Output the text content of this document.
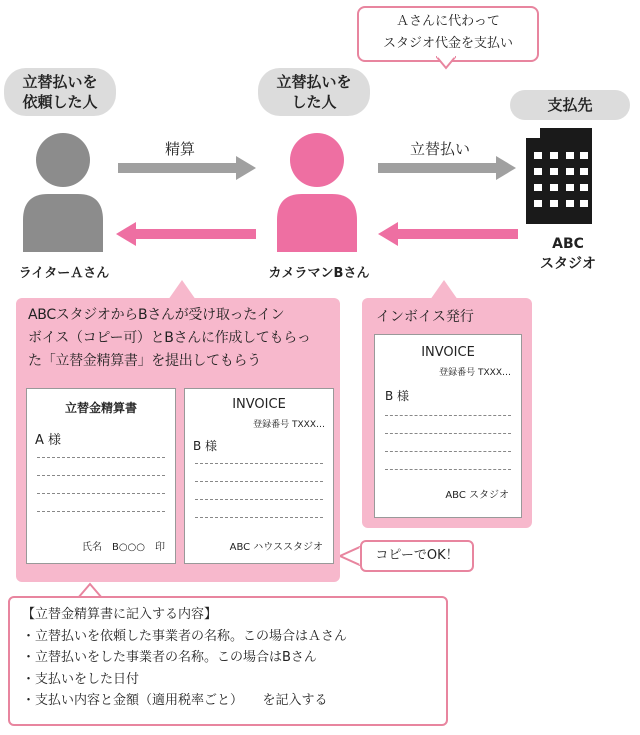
Ａさんに代わって
スタジオ代金を支払い
立替払いを
依頼した人
立替払いを
した人	支払先
ライターＡさん	カメラマンBさん
ABC
スタジオ
精算	立替払い
ABCスタジオからBさんが受け取ったイン
ボイス（コピー可）とBさんに作成してもらっ
た「立替金精算書」を提出してもらう
立替金精算書
A 様
氏名　B○○○　印
INVOICE
登録番号 TXXX…
B 様
ABC ハウススタジオ
インボイス発行
INVOICE
登録番号 TXXX…
B 様
ABC スタジオ
コピーでOK！
【立替金精算書に記入する内容】
・立替払いを依頼した事業者の名称。この場合はＡさん
・立替払いをした事業者の名称。この場合はBさん
・支払いをした日付
・支払い内容と金額（適用税率ごと）　　を記入する
